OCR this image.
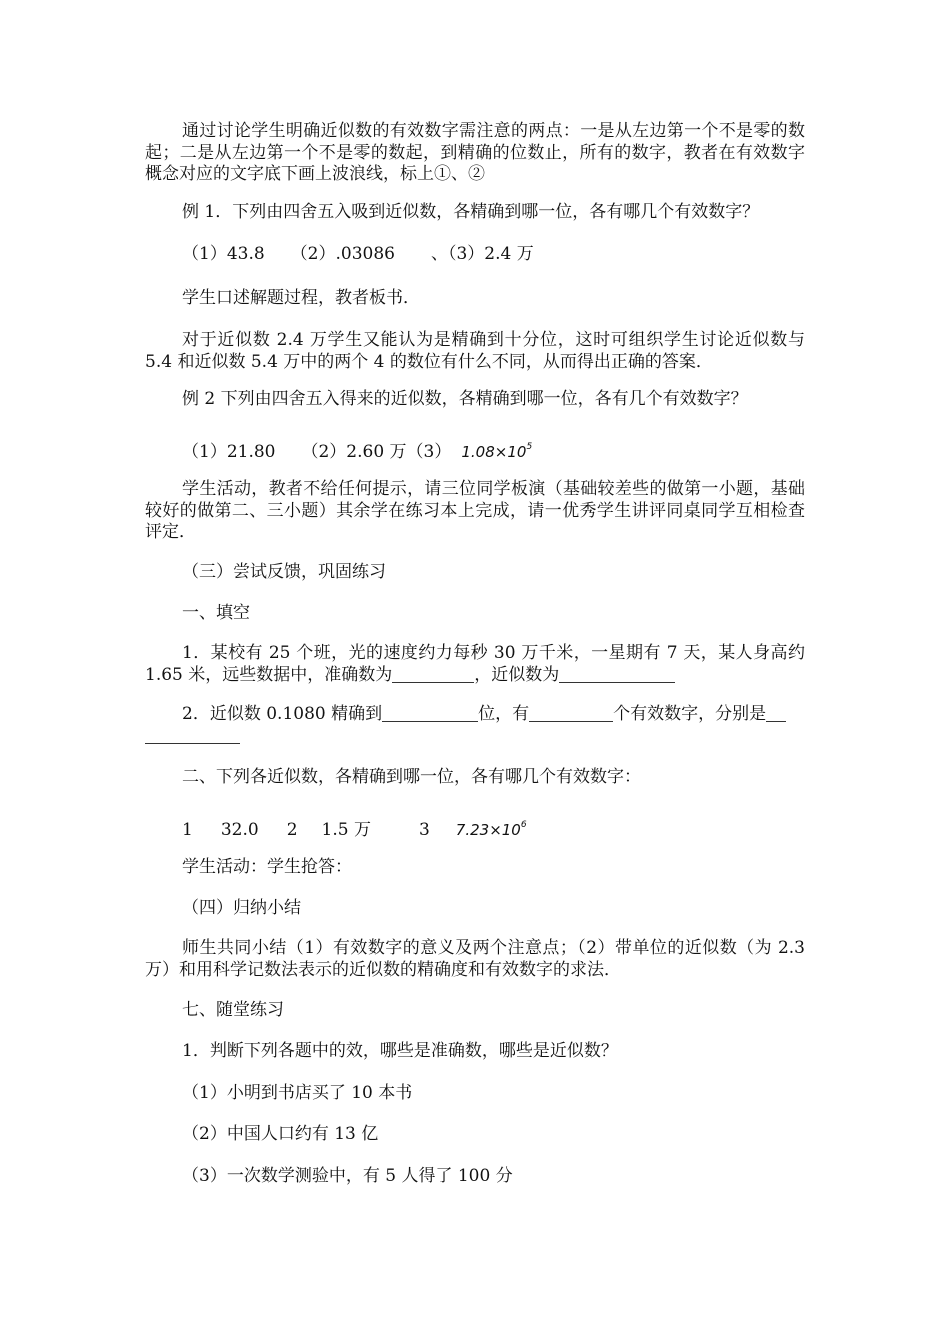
通过讨论学生明确近似数的有效数字需注意的两点：一是从左边第一个不是零的数起；二是从左边第一个不是零的数起，到精确的位数止，所有的数字，教者在有效数字概念对应的文字底下画上波浪线，标上①、②

例 1．下列由四舍五入吸到近似数，各精确到哪一位，各有哪几个有效数字？

（1）43.8 （2）.03086 、（3）2.4 万

学生口述解题过程，教者板书．

对于近似数 2.4 万学生又能认为是精确到十分位，这时可组织学生讨论近似数与 5.4 和近似数 5.4 万中的两个 4 的数位有什么不同，从而得出正确的答案．

例 2 下列由四舍五入得来的近似数，各精确到哪一位，各有几个有效数字？

（1）21.80 （2）2.60 万（3） $1.08\times 10^5$

学生活动，教者不给任何提示，请三位同学板演（基础较差些的做第一小题，基础较好的做第二、三小题）其余学在练习本上完成，请一优秀学生讲评同桌同学互相检查评定．

（三）尝试反馈，巩固练习

一、填空

1．某校有 25 个班，光的速度约力每秒 30 万千米，一星期有 7 天，某人身高约 1.65 米，远些数据中，准确数为	，近似数为

2．近似数 0.1080 精确到	位，有	个有效数字，分别是

二、下列各近似数，各精确到哪一位，各有哪几个有效数字：

1 32.0 2 1.5 万	3 $7.23\times 10^6$

学生活动：学生抢答：

（四）归纳小结

师生共同小结（1）有效数字的意义及两个注意点；（2）带单位的近似数（为 2.3 万）和用科学记数法表示的近似数的精确度和有效数字的求法．

七、随堂练习

1．判断下列各题中的效，哪些是准确数，哪些是近似数？

（1）小明到书店买了 10 本书

（2）中国人口约有 13 亿

（3）一次数学测验中，有 5 人得了 100 分
